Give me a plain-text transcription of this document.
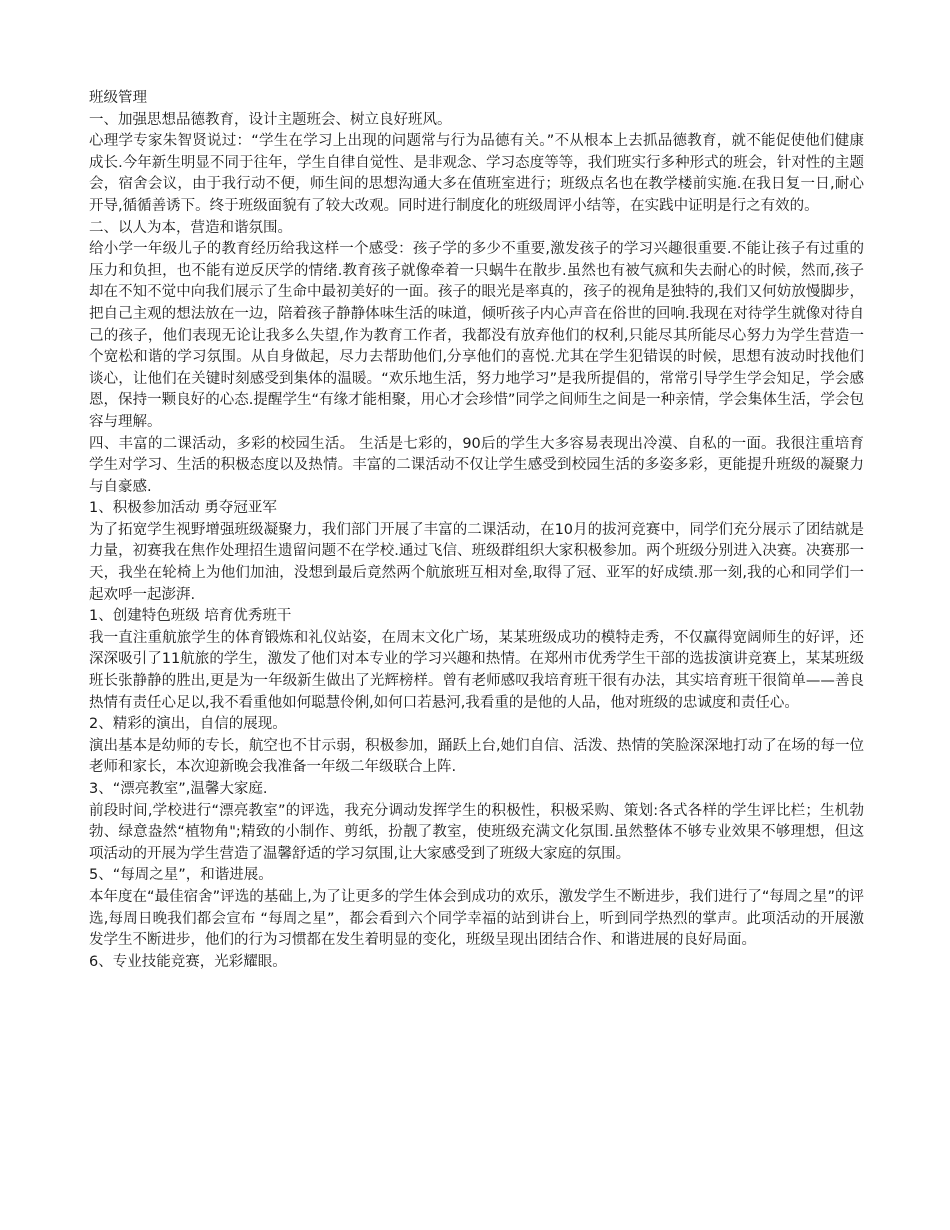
班级管理

一、加强思想品德教育，设计主题班会、树立良好班风。

心理学专家朱智贤说过：“学生在学习上出现的问题常与行为品德有关。”不从根本上去抓品德教育，就不能促使他们健康成长.今年新生明显不同于往年，学生自律自觉性、是非观念、学习态度等等，我们班实行多种形式的班会，针对性的主题会，宿舍会议，由于我行动不便，师生间的思想沟通大多在值班室进行；班级点名也在教学楼前实施.在我日复一日,耐心开导,循循善诱下。终于班级面貌有了较大改观。同时进行制度化的班级周评小结等，在实践中证明是行之有效的。

二、以人为本，营造和谐氛围。

给小学一年级儿子的教育经历给我这样一个感受：孩子学的多少不重要,激发孩子的学习兴趣很重要.不能让孩子有过重的压力和负担，也不能有逆反厌学的情绪.教育孩子就像牵着一只蜗牛在散步.虽然也有被气疯和失去耐心的时候，然而,孩子却在不知不觉中向我们展示了生命中最初美好的一面。孩子的眼光是率真的，孩子的视角是独特的,我们又何妨放慢脚步，把自己主观的想法放在一边，陪着孩子静静体味生活的味道，倾听孩子内心声音在俗世的回响.我现在对待学生就像对待自己的孩子，他们表现无论让我多么失望,作为教育工作者，我都没有放弃他们的权利,只能尽其所能尽心努力为学生营造一个宽松和谐的学习氛围。从自身做起，尽力去帮助他们,分享他们的喜悦.尤其在学生犯错误的时候，思想有波动时找他们谈心，让他们在关键时刻感受到集体的温暖。“欢乐地生活，努力地学习”是我所提倡的，常常引导学生学会知足，学会感恩，保持一颗良好的心态.提醒学生“有缘才能相聚，用心才会珍惜”同学之间师生之间是一种亲情，学会集体生活，学会包容与理解。

四、丰富的二课活动，多彩的校园生活。 生活是七彩的，90后的学生大多容易表现出冷漠、自私的一面。我很注重培育学生对学习、生活的积极态度以及热情。丰富的二课活动不仅让学生感受到校园生活的多姿多彩，更能提升班级的凝聚力与自豪感.

1、积极参加活动 勇夺冠亚军

为了拓宽学生视野增强班级凝聚力，我们部门开展了丰富的二课活动，在10月的拔河竞赛中，同学们充分展示了团结就是力量，初赛我在焦作处理招生遗留问题不在学校.通过飞信、班级群组织大家积极参加。两个班级分别进入决赛。决赛那一天，我坐在轮椅上为他们加油，没想到最后竟然两个航旅班互相对垒,取得了冠、亚军的好成绩.那一刻,我的心和同学们一起欢呼一起澎湃.

1、创建特色班级 培育优秀班干

我一直注重航旅学生的体育锻炼和礼仪站姿，在周末文化广场，某某班级成功的模特走秀，不仅赢得宽阔师生的好评，还深深吸引了11航旅的学生，激发了他们对本专业的学习兴趣和热情。在郑州市优秀学生干部的选拔演讲竞赛上，某某班级班长张静静的胜出,更是为一年级新生做出了光辉榜样。曾有老师感叹我培育班干很有办法，其实培育班干很简单——善良热情有责任心足以,我不看重他如何聪慧伶俐,如何口若悬河,我看重的是他的人品，他对班级的忠诚度和责任心。

2、精彩的演出，自信的展现。

演出基本是幼师的专长，航空也不甘示弱，积极参加，踊跃上台,她们自信、活泼、热情的笑脸深深地打动了在场的每一位老师和家长，本次迎新晚会我准备一年级二年级联合上阵.

3、“漂亮教室”,温馨大家庭.

前段时间,学校进行“漂亮教室”的评选，我充分调动发挥学生的积极性，积极采购、策划:各式各样的学生评比栏；生机勃勃、绿意盎然“植物角";精致的小制作、剪纸，扮靓了教室，使班级充满文化氛围.虽然整体不够专业效果不够理想，但这项活动的开展为学生营造了温馨舒适的学习氛围,让大家感受到了班级大家庭的氛围。

5、“每周之星”，和谐进展。

本年度在“最佳宿舍”评选的基础上,为了让更多的学生体会到成功的欢乐，激发学生不断进步，我们进行了“每周之星”的评选,每周日晚我们都会宣布 “每周之星”，都会看到六个同学幸福的站到讲台上，听到同学热烈的掌声。此项活动的开展激发学生不断进步，他们的行为习惯都在发生着明显的变化，班级呈现出团结合作、和谐进展的良好局面。

6、专业技能竞赛，光彩耀眼。
